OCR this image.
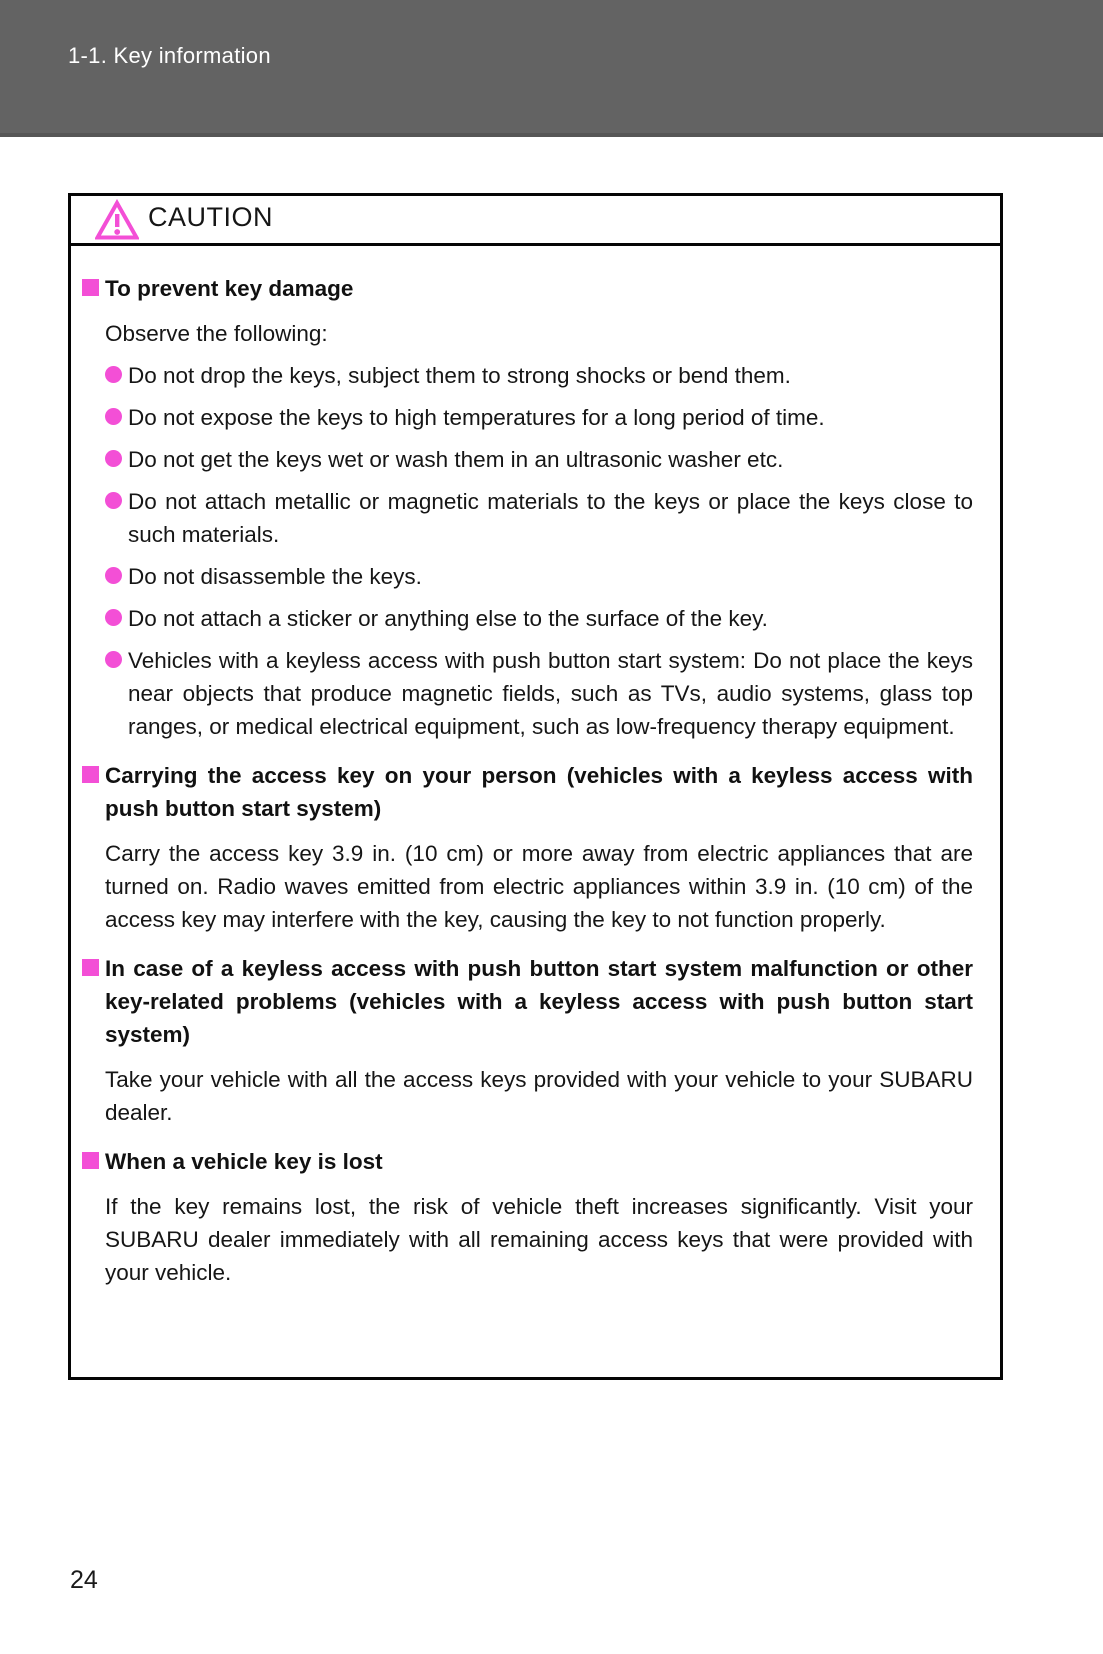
1-1. Key information
CAUTION
To prevent key damage
Observe the following:
Do not drop the keys, subject them to strong shocks or bend them.
Do not expose the keys to high temperatures for a long period of time.
Do not get the keys wet or wash them in an ultrasonic washer etc.
Do not attach metallic or magnetic materials to the keys or place the keys close to such materials.
Do not disassemble the keys.
Do not attach a sticker or anything else to the surface of the key.
Vehicles with a keyless access with push button start system: Do not place the keys near objects that produce magnetic fields, such as TVs, audio systems, glass top ranges, or medical electrical equipment, such as low-frequency therapy equipment.
Carrying the access key on your person (vehicles with a keyless access with push button start system)
Carry the access key 3.9 in. (10 cm) or more away from electric appliances that are turned on. Radio waves emitted from electric appliances within 3.9 in. (10 cm) of the access key may interfere with the key, causing the key to not function properly.
In case of a keyless access with push button start system malfunction or other key-related problems (vehicles with a keyless access with push button start system)
Take your vehicle with all the access keys provided with your vehicle to your SUBARU dealer.
When a vehicle key is lost
If the key remains lost, the risk of vehicle theft increases significantly. Visit your SUBARU dealer immediately with all remaining access keys that were provided with your vehicle.
24
